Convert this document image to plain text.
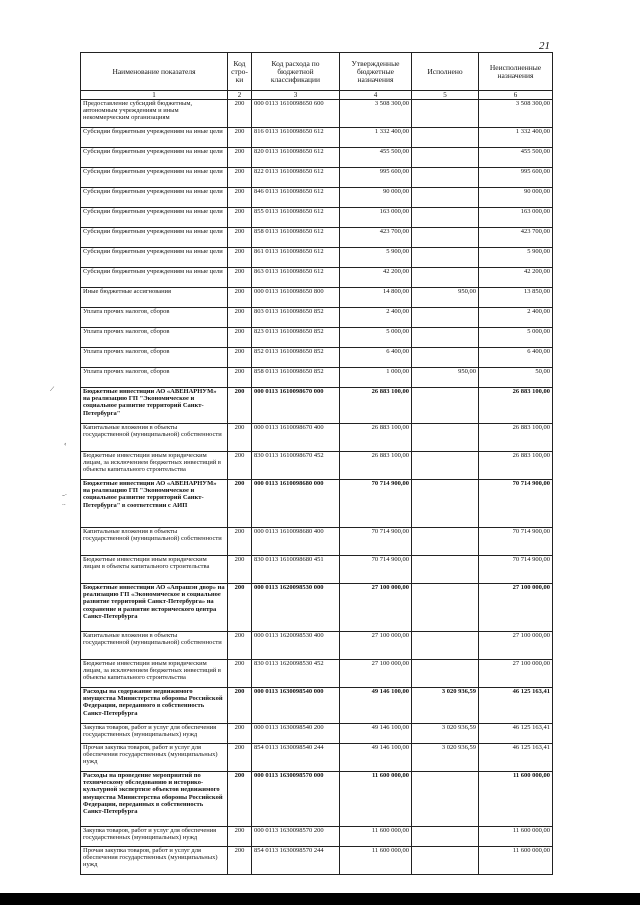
21
Наименование показателя	Код стро-ки	Код расхода по бюджетной классификации	Утвержденные бюджетные назначения	Исполнено	Неисполненные назначения
1	2	3	4	5	6
Предоставление субсидий бюджетным, автономным учреждениям и иным некоммерческим организациям	200	000 0113 1610098650 600	3 508 300,00		3 508 300,00
Субсидии бюджетным учреждениям на иные цели	200	816 0113 1610098650 612	1 332 400,00		1 332 400,00
Субсидии бюджетным учреждениям на иные цели	200	820 0113 1610098650 612	455 500,00		455 500,00
Субсидии бюджетным учреждениям на иные цели	200	822 0113 1610098650 612	995 600,00		995 600,00
Субсидии бюджетным учреждениям на иные цели	200	846 0113 1610098650 612	90 000,00		90 000,00
Субсидии бюджетным учреждениям на иные цели	200	855 0113 1610098650 612	163 000,00		163 000,00
Субсидии бюджетным учреждениям на иные цели	200	858 0113 1610098650 612	423 700,00		423 700,00
Субсидии бюджетным учреждениям на иные цели	200	861 0113 1610098650 612	5 900,00		5 900,00
Субсидии бюджетным учреждениям на иные цели	200	863 0113 1610098650 612	42 200,00		42 200,00
Иные бюджетные ассигнования	200	000 0113 1610098650 800	14 800,00	950,00	13 850,00
Уплата прочих налогов, сборов	200	803 0113 1610098650 852	2 400,00		2 400,00
Уплата прочих налогов, сборов	200	823 0113 1610098650 852	5 000,00		5 000,00
Уплата прочих налогов, сборов	200	852 0113 1610098650 852	6 400,00		6 400,00
Уплата прочих налогов, сборов	200	858 0113 1610098650 852	1 000,00	950,00	50,00
Бюджетные инвестиции АО «АВЕНАРНУМ» на реализацию ГП "Экономическое и социальное развитие территорий Санкт-Петербурга"	200	000 0113 1610098670 000	26 883 100,00		26 883 100,00
Капитальные вложения в объекты государственной (муниципальной) собственности	200	000 0113 1610098670 400	26 883 100,00		26 883 100,00
Бюджетные инвестиции иным юридическим лицам, за исключением бюджетных инвестиций в объекты капитального строительства	200	830 0113 1610098670 452	26 883 100,00		26 883 100,00
Бюджетные инвестиции АО «АВЕНАРНУМ» на реализацию ГП "Экономическое и социальное развитие территорий Санкт-Петербурга" в соответствии с АИП	200	000 0113 1610098680 000	70 714 900,00		70 714 900,00
Капитальные вложения в объекты государственной (муниципальной) собственности	200	000 0113 1610098680 400	70 714 900,00		70 714 900,00
Бюджетные инвестиции иным юридическим лицам в объекты капитального строительства	200	830 0113 1610098680 451	70 714 900,00		70 714 900,00
Бюджетные инвестиции АО «Апрашэн двор» на реализацию ГП «Экономическое и социальное развитие территорий Санкт-Петербурга» на сохранение и развитие исторического центра Санкт-Петербурга	200	000 0113 1620098530 000	27 100 000,00		27 100 000,00
Капитальные вложения в объекты государственной (муниципальной) собственности	200	000 0113 1620098530 400	27 100 000,00		27 100 000,00
Бюджетные инвестиции иным юридическим лицам, за исключением бюджетных инвестиций в объекты капитального строительства	200	830 0113 1620098530 452	27 100 000,00		27 100 000,00
Расходы на содержание недвижимого имущества Министерства обороны Российской Федерации, переданного в собственность Санкт-Петербурга	200	000 0113 1630098540 000	49 146 100,00	3 020 936,59	46 125 163,41
Закупка товаров, работ и услуг для обеспечения государственных (муниципальных) нужд	200	000 0113 1630098540 200	49 146 100,00	3 020 936,59	46 125 163,41
Прочая закупка товаров, работ и услуг для обеспечения государственных (муниципальных) нужд	200	854 0113 1630098540 244	49 146 100,00	3 020 936,59	46 125 163,41
Расходы на проведение мероприятий по техническому обследованию и историко-культурной экспертизе объектов недвижимого имущества Министерства обороны Российской Федерации, переданных в собственность Санкт-Петербурга	200	000 0113 1630098570 000	11 600 000,00		11 600 000,00
Закупка товаров, работ и услуг для обеспечения государственных (муниципальных) нужд	200	000 0113 1630098570 200	11 600 000,00		11 600 000,00
Прочая закупка товаров, работ и услуг для обеспечения государственных (муниципальных) нужд	200	854 0113 1630098570 244	11 600 000,00		11 600 000,00
⟋
‹
–·
··
